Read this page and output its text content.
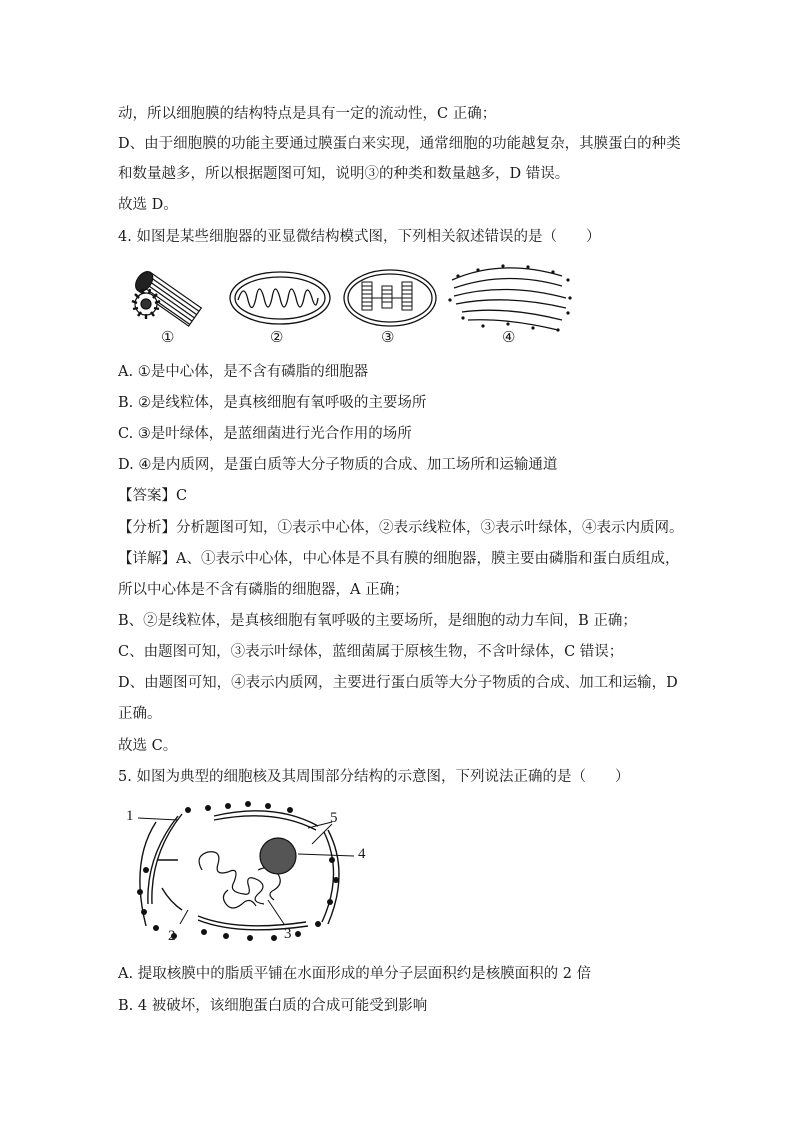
动，所以细胞膜的结构特点是具有一定的流动性，C 正确；
D、由于细胞膜的功能主要通过膜蛋白来实现，通常细胞的功能越复杂，其膜蛋白的种类
和数量越多，所以根据题图可知，说明③的种类和数量越多，D 错误。
故选 D。
4. 如图是某些细胞器的亚显微结构模式图，下列相关叙述错误的是（　　）
①	②	③	④
A. ①是中心体，是不含有磷脂的细胞器
B. ②是线粒体，是真核细胞有氧呼吸的主要场所
C. ③是叶绿体，是蓝细菌进行光合作用的场所
D. ④是内质网，是蛋白质等大分子物质的合成、加工场所和运输通道
【答案】C
【分析】分析题图可知，①表示中心体，②表示线粒体，③表示叶绿体，④表示内质网。
【详解】A、①表示中心体，中心体是不具有膜的细胞器，膜主要由磷脂和蛋白质组成，
所以中心体是不含有磷脂的细胞器，A 正确；
B、②是线粒体，是真核细胞有氧呼吸的主要场所，是细胞的动力车间，B 正确；
C、由题图可知，③表示叶绿体，蓝细菌属于原核生物，不含叶绿体，C 错误；
D、由题图可知，④表示内质网，主要进行蛋白质等大分子物质的合成、加工和运输，D
正确。
故选 C。
5. 如图为典型的细胞核及其周围部分结构的示意图，下列说法正确的是（　　）
1
2	3
4
5
A. 提取核膜中的脂质平铺在水面形成的单分子层面积约是核膜面积的 2 倍
B. 4 被破坏，该细胞蛋白质的合成可能受到影响
